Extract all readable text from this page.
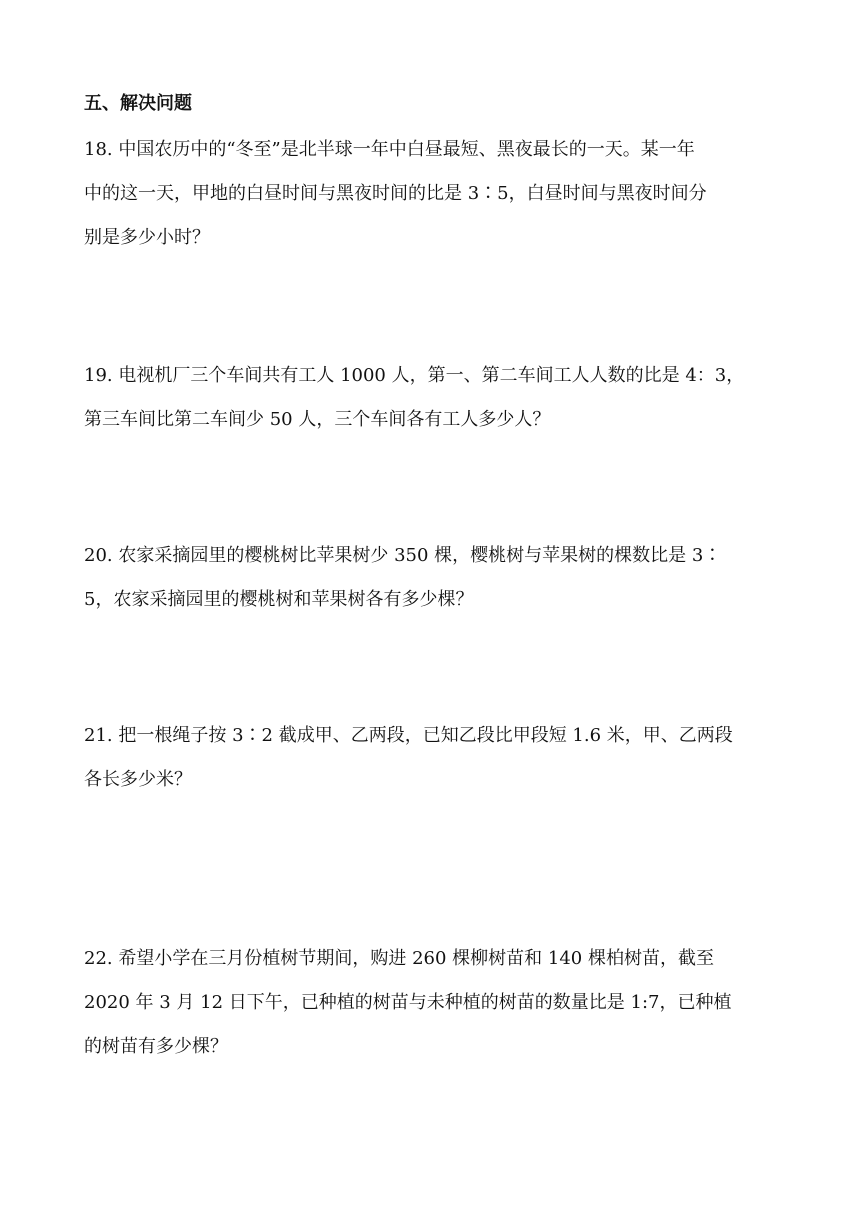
五、解决问题
18. 中国农历中的“冬至”是北半球一年中白昼最短、黑夜最长的一天。某一年
中的这一天，甲地的白昼时间与黑夜时间的比是 3∶5，白昼时间与黑夜时间分
别是多少小时？
19. 电视机厂三个车间共有工人 1000 人，第一、第二车间工人人数的比是 4：3，
第三车间比第二车间少 50 人，三个车间各有工人多少人？
20. 农家采摘园里的樱桃树比苹果树少 350 棵，樱桃树与苹果树的棵数比是 3∶
5，农家采摘园里的樱桃树和苹果树各有多少棵？
21. 把一根绳子按 3∶2 截成甲、乙两段，已知乙段比甲段短 1.6 米，甲、乙两段
各长多少米？
22. 希望小学在三月份植树节期间，购进 260 棵柳树苗和 140 棵柏树苗，截至
2020 年 3 月 12 日下午，已种植的树苗与未种植的树苗的数量比是 1:7，已种植
的树苗有多少棵？
